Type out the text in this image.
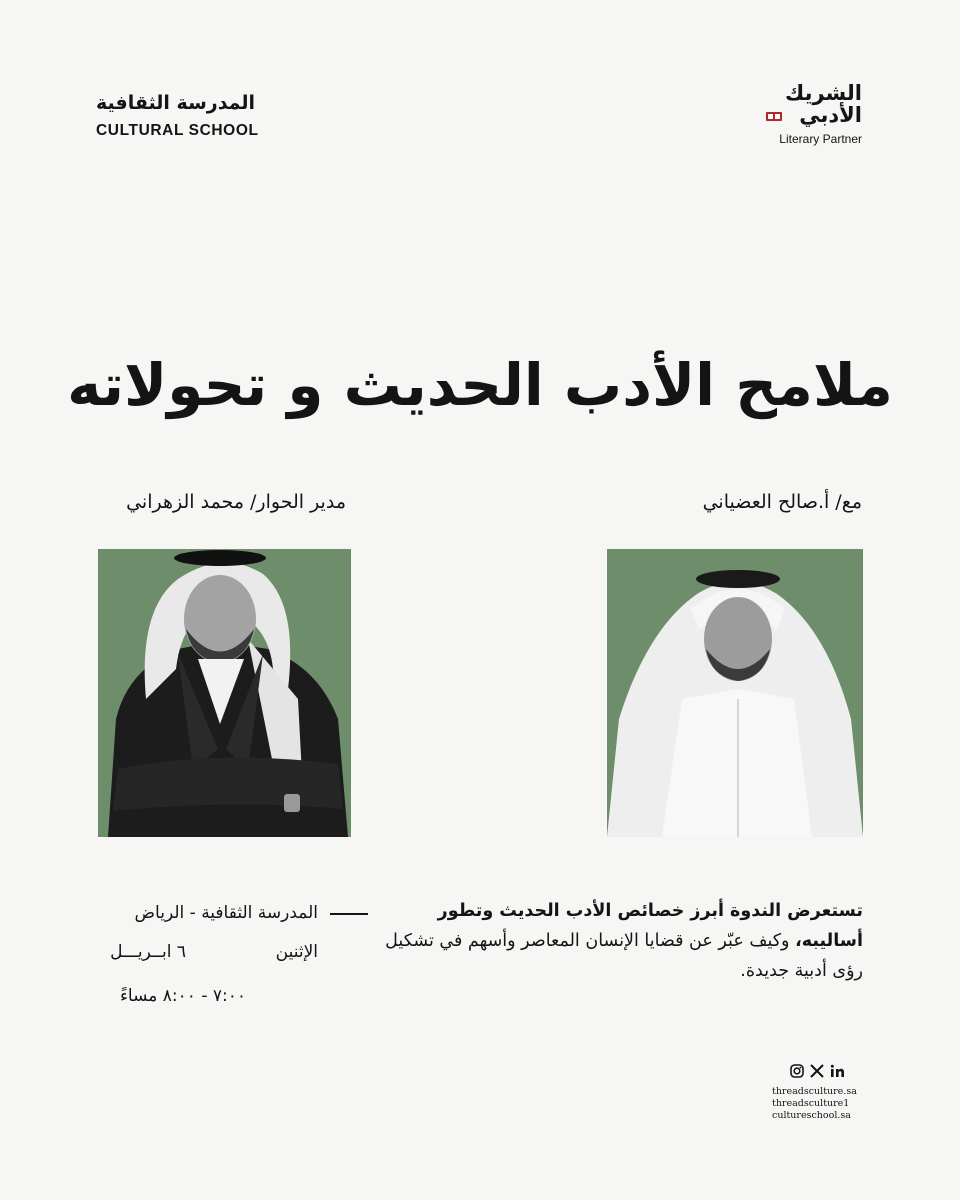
المدرسة الثقافية
CULTURAL SCHOOL
الشريك
الأدبي
Literary Partner
ملامح الأدب الحديث و تحولاته
مدير الحوار/ محمد الزهراني	مع/ أ.صالح العضياني
تستعرض الندوة أبرز خصائص الأدب الحديث وتطور أساليبه، وكيف عبّر عن قضايا الإنسان المعاصر وأسهم في تشكيل رؤى أدبية جديدة.
المدرسة الثقافية - الرياض
الإثنين
٦ ابــريـــل
٧:٠٠ - ٨:٠٠ مساءً
threadsculture.sa
threadsculture1
cultureschool.sa
